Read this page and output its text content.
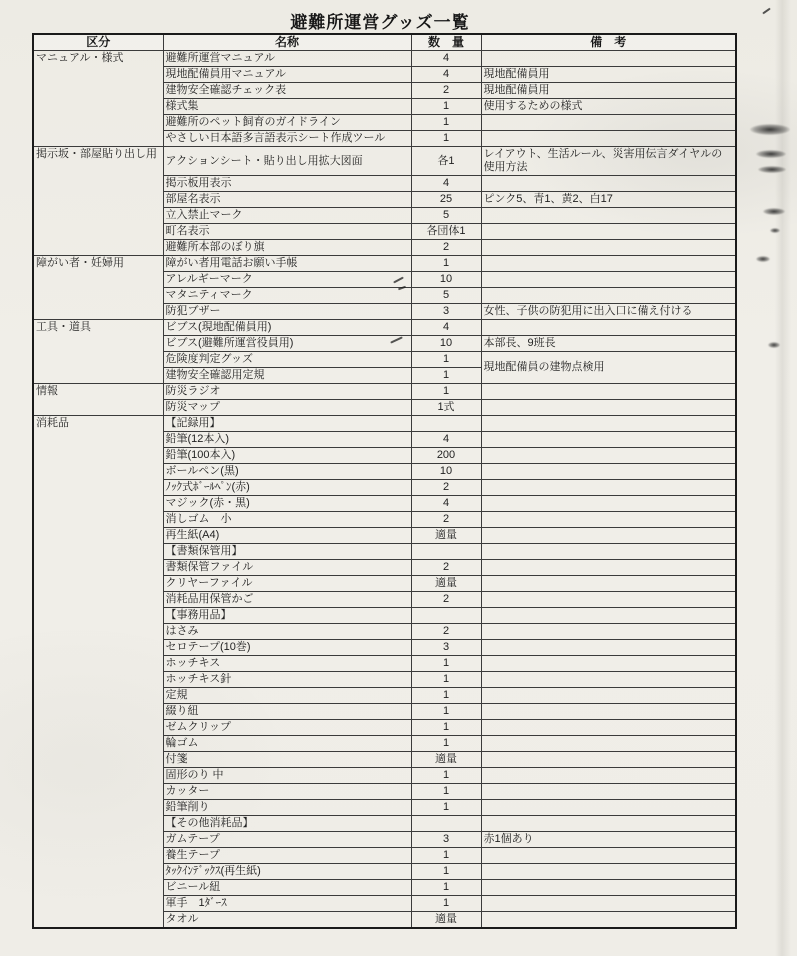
避難所運営グッズ一覧
区分	名称	数　量	備　考
マニュアル・様式	避難所運営マニュアル	4	
	現地配備員用マニュアル	4	現地配備員用
	建物安全確認チェック表	2	現地配備員用
	様式集	1	使用するための様式
	避難所のペット飼育のガイドライン	1	
	やさしい日本語多言語表示シート作成ツール	1	
掲示坂・部屋貼り出し用	アクションシート・貼り出し用拡大図面	各1	レイアウト、生活ルール、災害用伝言ダイヤルの使用方法
	掲示板用表示	4	
	部屋名表示	25	ピンク5、青1、黄2、白17
	立入禁止マーク	5	
	町名表示	各団体1	
	避難所本部のぼり旗	2	
障がい者・妊婦用	障がい者用電話お願い手帳	1	
	アレルギーマーク	10	
	マタニティマーク	5	
	防犯ブザー	3	女性、子供の防犯用に出入口に備え付ける
工具・道具	ビブス(現地配備員用)	4	
	ビブス(避難所運営役員用)	10	本部長、9班長
	危険度判定グッズ	1	現地配備員の建物点検用
	建物安全確認用定規	1	
情報	防災ラジオ	1	
	防災マップ	1式	
消耗品	【記録用】		
	鉛筆(12本入)	4	
	鉛筆(100本入)	200	
	ボールペン(黒)	10	
	ﾉｯｸ式ﾎﾞｰﾙﾍﾟﾝ(赤)	2	
	マジック(赤・黒)	4	
	消しゴム　小	2	
	再生紙(A4)	適量	
	【書類保管用】		
	書類保管ファイル	2	
	クリヤーファイル	適量	
	消耗品用保管かご	2	
	【事務用品】		
	はさみ	2	
	セロテープ(10巻)	3	
	ホッチキス	1	
	ホッチキス針	1	
	定規	1	
	綴り紐	1	
	ゼムクリップ	1	
	輪ゴム	1	
	付箋	適量	
	固形のり 中	1	
	カッター	1	
	鉛筆削り	1	
	【その他消耗品】		
	ガムテープ	3	赤1個あり
	養生テープ	1	
	ﾀｯｸｲﾝﾃﾞｯｸｽ(再生紙)	1	
	ビニール紐	1	
	軍手　1ﾀﾞｰｽ	1	
	タオル	適量	
